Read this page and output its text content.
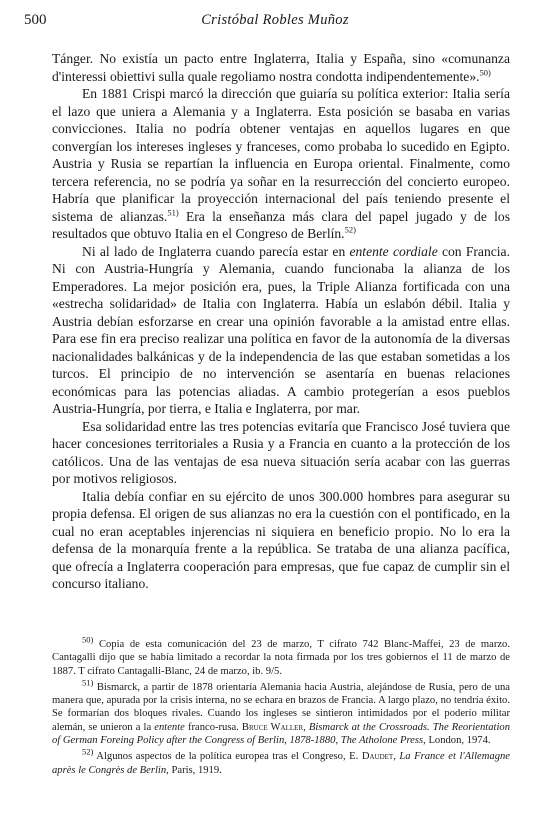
500	Cristóbal Robles Muñoz

Tánger. No existía un pacto entre Inglaterra, Italia y España, sino «comunanza d'interessi obiettivi sulla quale regoliamo nostra condotta indipendentemente».$^{50)}$

En 1881 Crispi marcó la dirección que guiaría su política exterior: Italia sería el lazo que uniera a Alemania y a Inglaterra. Esta posición se basaba en varias convicciones. Italia no podría obtener ventajas en aquellos lugares en que convergían los intereses ingleses y franceses, como probaba lo sucedido en Egipto. Austria y Rusia se repartían la influencia en Europa oriental. Finalmente, como tercera referencia, no se podría ya soñar en la resurrección del concierto europeo. Habría que planificar la proyección internacional del país teniendo presente el sistema de alianzas.$^{51)}$ Era la enseñanza más clara del papel jugado y de los resultados que obtuvo Italia en el Congreso de Berlín.$^{52)}$

Ni al lado de Inglaterra cuando parecía estar en entente cordiale con Francia. Ni con Austria-Hungría y Alemania, cuando funcionaba la alianza de los Emperadores. La mejor posición era, pues, la Triple Alianza fortificada con una «estrecha solidaridad» de Italia con Inglaterra. Había un eslabón débil. Italia y Austria debían esforzarse en crear una opinión favorable a la amistad entre ellas. Para ese fin era preciso realizar una política en favor de la autonomía de la diversas nacionalidades balkánicas y de la independencia de las que estaban sometidas a los turcos. El principio de no intervención se asentaría en buenas relaciones económicas para las potencias aliadas. A cambio protegerían a esos pueblos Austria-Hungría, por tierra, e Italia e Inglaterra, por mar.

Esa solidaridad entre las tres potencias evitaría que Francisco José tuviera que hacer concesiones territoriales a Rusia y a Francia en cuanto a la protección de los católicos. Una de las ventajas de esa nueva situación sería acabar con las guerras por motivos religiosos.

Italia debía confiar en su ejército de unos 300.000 hombres para asegurar su propia defensa. El origen de sus alianzas no era la cuestión con el pontificado, en la cual no eran aceptables injerencias ni siquiera en beneficio propio. No lo era la defensa de la monarquía frente a la república. Se trataba de una alianza pacífica, que ofrecía a Inglaterra cooperación para empresas, que fue capaz de cumplir sin el concurso italiano.

$^{50)}$ Copia de esta comunicación del 23 de marzo, T cifrato 742 Blanc-Maffei, 23 de marzo. Cantagalli dijo que se había limitado a recordar la nota firmada por los tres gobiernos el 11 de marzo de 1887. T cifrato Cantagalli-Blanc, 24 de marzo, ib. 9/5.

$^{51)}$ Bismarck, a partir de 1878 orientaría Alemania hacia Austria, alejándose de Rusia, pero de una manera que, apurada por la crisis interna, no se echara en brazos de Francia. A largo plazo, no tendría éxito. Se formarían dos bloques rivales. Cuando los ingleses se sintieron intimidados por el poderío militar alemán, se unieron a la entente franco-rusa. Bruce Waller, Bismarck at the Crossroads. The Reorientation of German Foreing Policy after the Congress of Berlin, 1878-1880, The Atholone Press, London, 1974.

$^{52)}$ Algunos aspectos de la política europea tras el Congreso, E. Daudet, La France et l'Allemagne après le Congrès de Berlin, Paris, 1919.
